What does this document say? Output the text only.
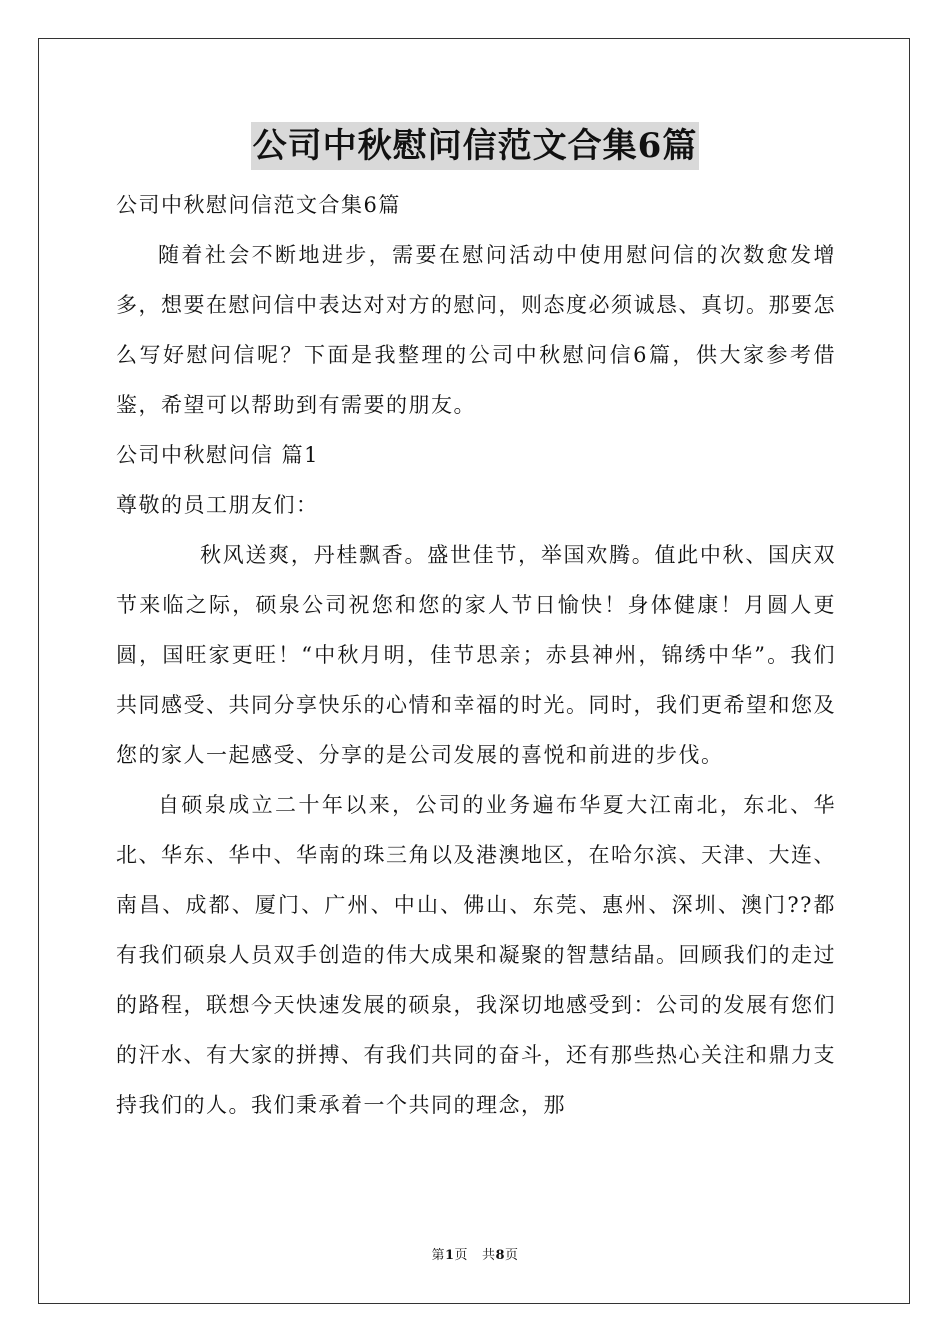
公司中秋慰问信范文合集6篇

公司中秋慰问信范文合集6篇

随着社会不断地进步，需要在慰问活动中使用慰问信的次数愈发增多，想要在慰问信中表达对对方的慰问，则态度必须诚恳、真切。那要怎么写好慰问信呢？下面是我整理的公司中秋慰问信6篇，供大家参考借鉴，希望可以帮助到有需要的朋友。

公司中秋慰问信 篇1

尊敬的员工朋友们：

秋风送爽，丹桂飘香。盛世佳节，举国欢腾。值此中秋、国庆双节来临之际，硕泉公司祝您和您的家人节日愉快！身体健康！月圆人更圆，国旺家更旺！“中秋月明，佳节思亲；赤县神州，锦绣中华”。我们共同感受、共同分享快乐的心情和幸福的时光。同时，我们更希望和您及您的家人一起感受、分享的是公司发展的喜悦和前进的步伐。

自硕泉成立二十年以来，公司的业务遍布华夏大江南北，东北、华北、华东、华中、华南的珠三角以及港澳地区，在哈尔滨、天津、大连、南昌、成都、厦门、广州、中山、佛山、东莞、惠州、深圳、澳门??都有我们硕泉人员双手创造的伟大成果和凝聚的智慧结晶。回顾我们的走过的路程，联想今天快速发展的硕泉，我深切地感受到：公司的发展有您们的汗水、有大家的拼搏、有我们共同的奋斗，还有那些热心关注和鼎力支持我们的人。我们秉承着一个共同的理念，那

第1页 共8页
